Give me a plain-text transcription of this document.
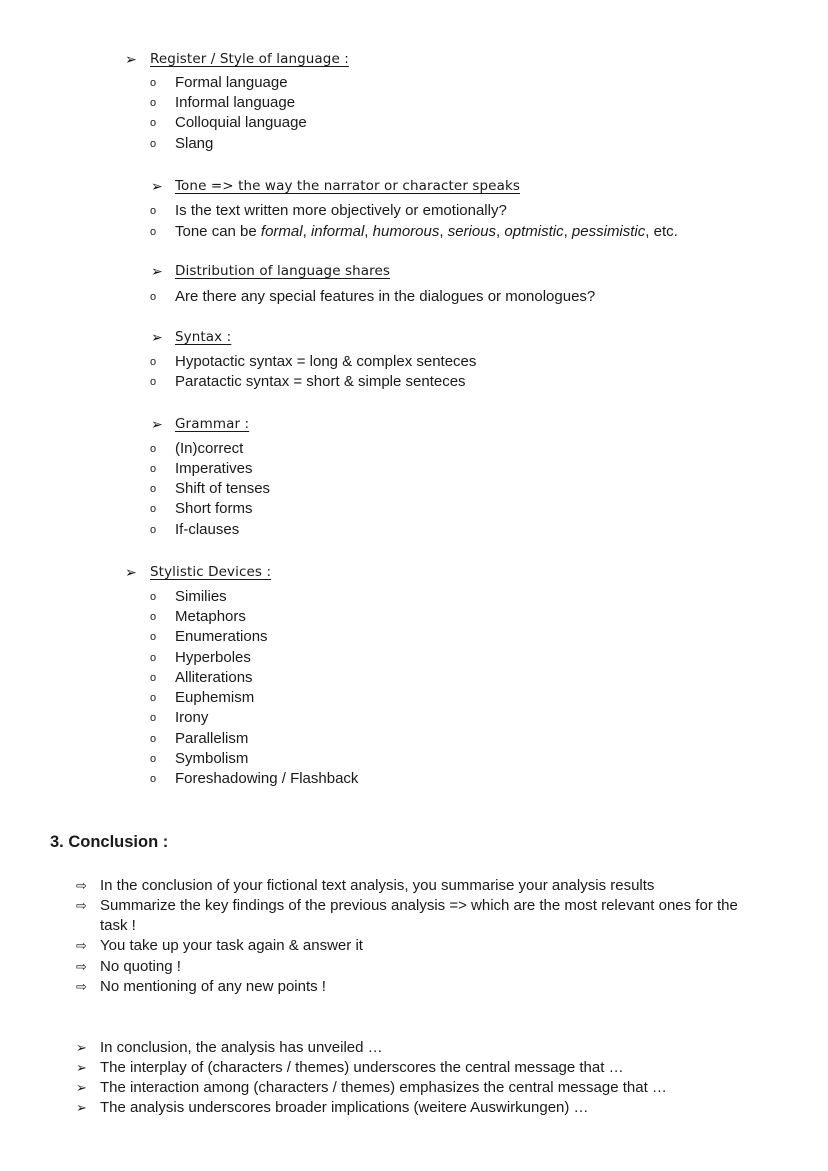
➢ Register / Style of language :
o Formal language
o Informal language
o Colloquial language
o Slang
➢ Tone => the way the narrator or character speaks
o Is the text written more objectively or emotionally?
o Tone can be formal, informal, humorous, serious, optmistic, pessimistic, etc.
➢ Distribution of language shares
o Are there any special features in the dialogues or monologues?
➢ Syntax :
o Hypotactic syntax = long & complex senteces
o Paratactic syntax = short & simple senteces
➢ Grammar :
o (In)correct
o Imperatives
o Shift of tenses
o Short forms
o If-clauses
➢ Stylistic Devices :
o Similies
o Metaphors
o Enumerations
o Hyperboles
o Alliterations
o Euphemism
o Irony
o Parallelism
o Symbolism
o Foreshadowing / Flashback
3. Conclusion :
⇨ In the conclusion of your fictional text analysis, you summarise your analysis results
⇨ Summarize the key findings of the previous analysis => which are the most relevant ones for the
task !
⇨ You take up your task again & answer it
⇨ No quoting !
⇨ No mentioning of any new points !
➢ In conclusion, the analysis has unveiled …
➢ The interplay of (characters / themes) underscores the central message that …
➢ The interaction among (characters / themes) emphasizes the central message that …
➢ The analysis underscores broader implications (weitere Auswirkungen) …
